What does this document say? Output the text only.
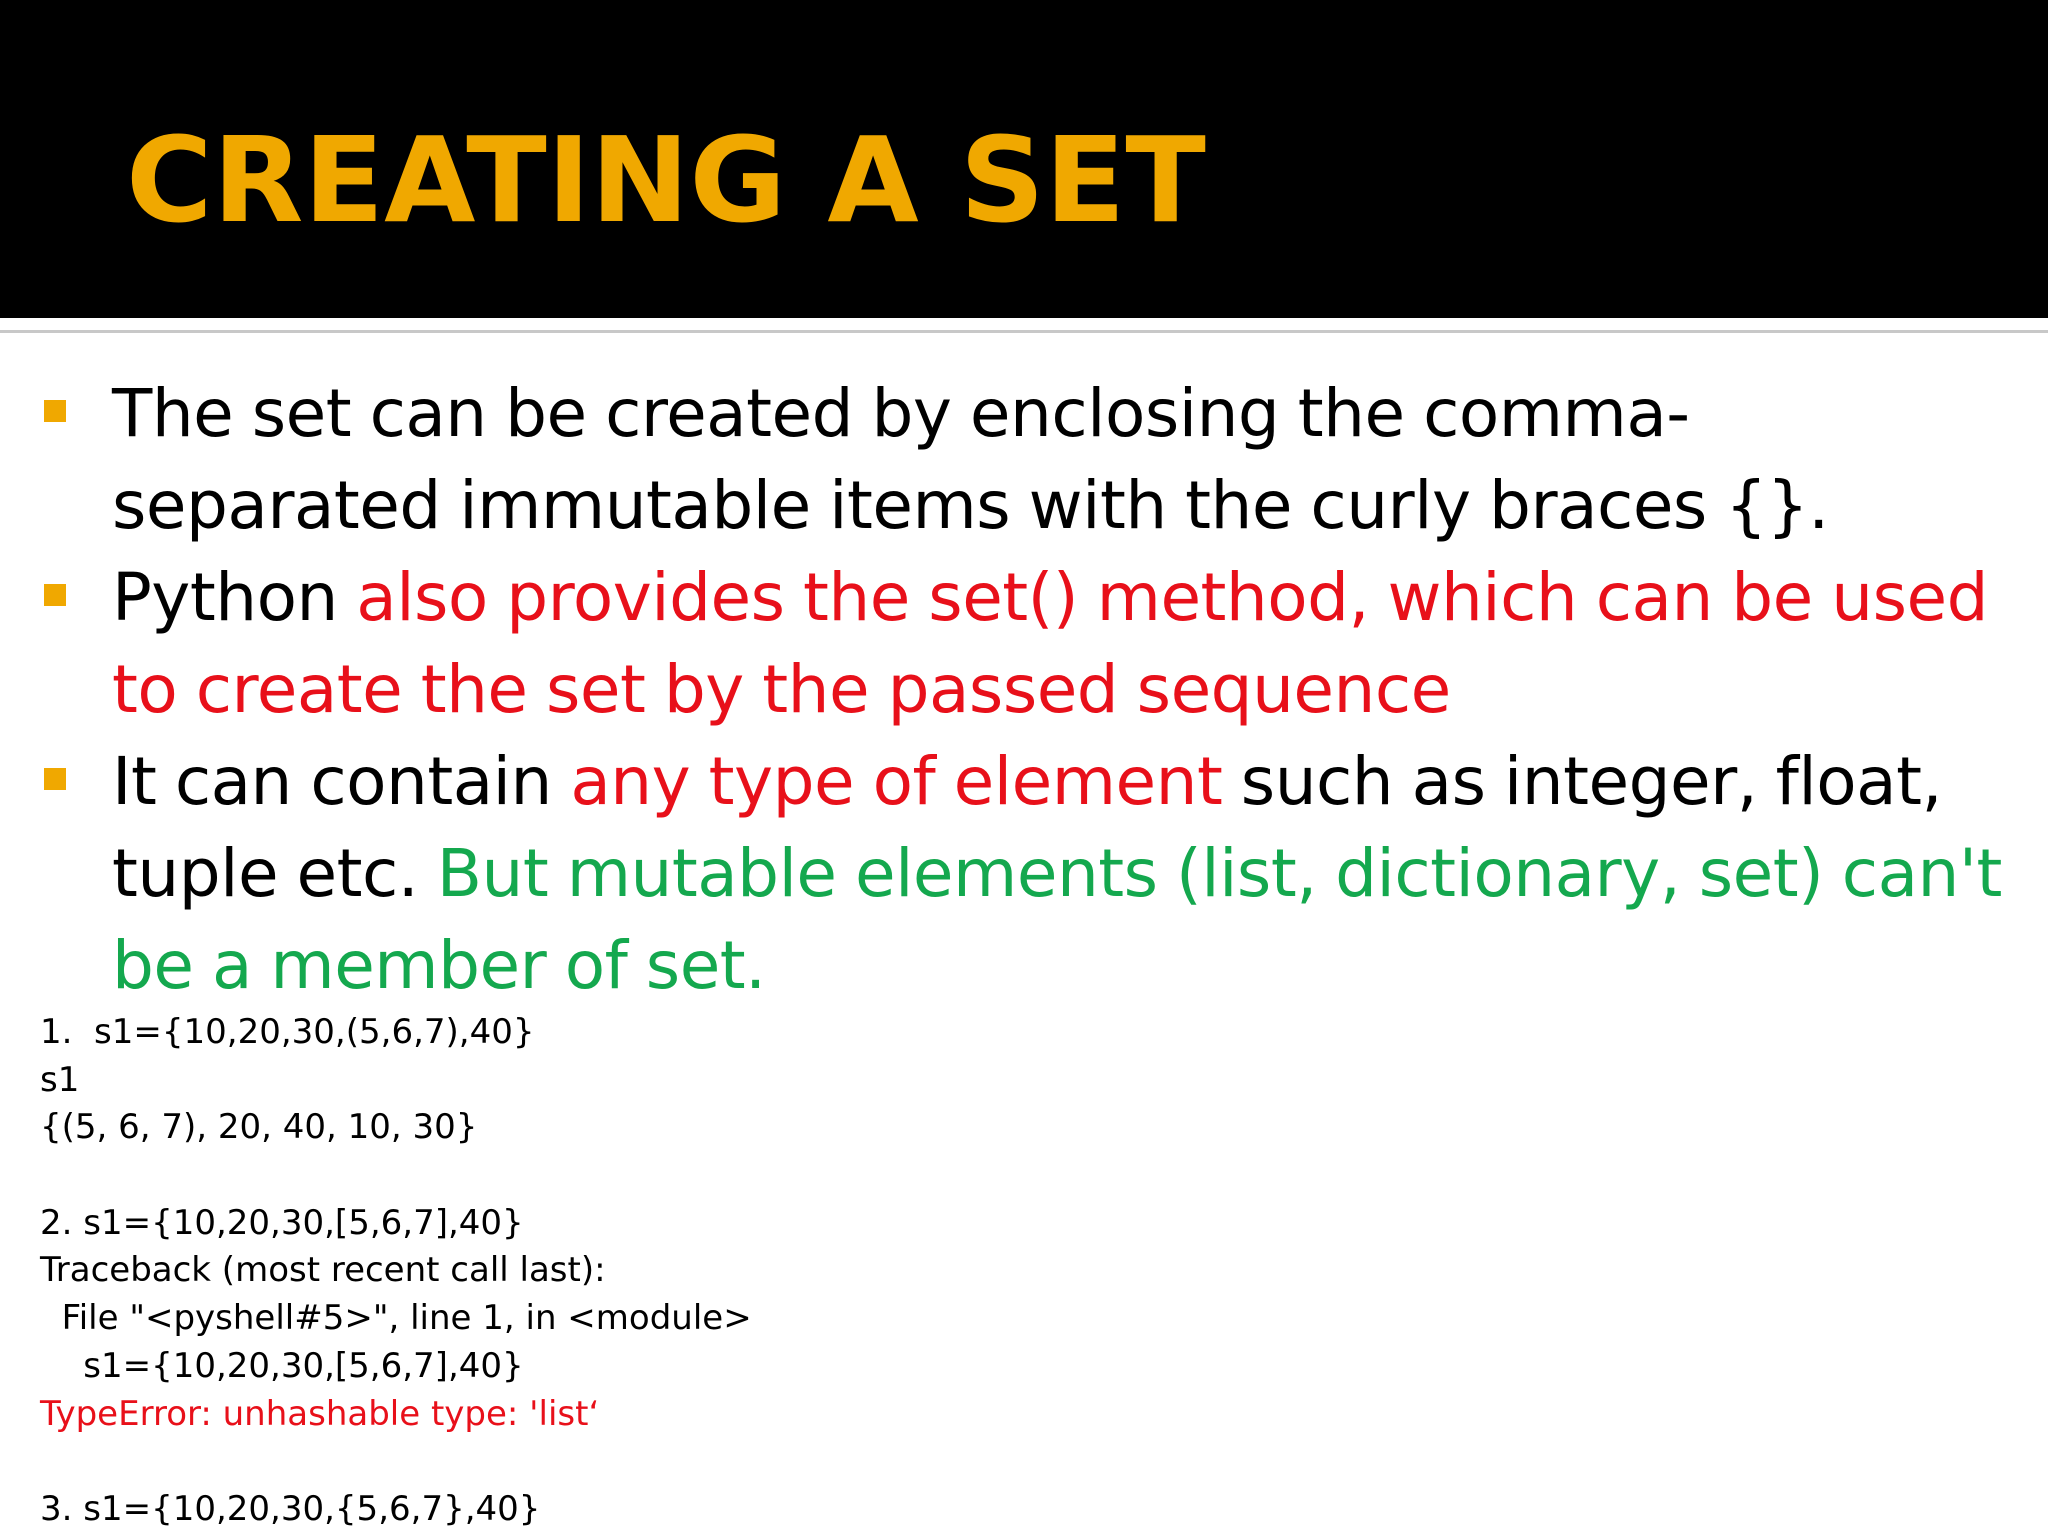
CREATING A SET
The set can be created by enclosing the comma-separated immutable items with the curly braces {}.
Python also provides the set() method, which can be used to create the set by the passed sequence
It can contain any type of element such as integer, float, tuple etc. But mutable elements (list, dictionary, set) can't be a member of set.
1.  s1={10,20,30,(5,6,7),40}
s1
{(5, 6, 7), 20, 40, 10, 30}
2. s1={10,20,30,[5,6,7],40}
Traceback (most recent call last):
File "<pyshell#5>", line 1, in <module>
s1={10,20,30,[5,6,7],40}
TypeError: unhashable type: 'list‘
3. s1={10,20,30,{5,6,7},40}
